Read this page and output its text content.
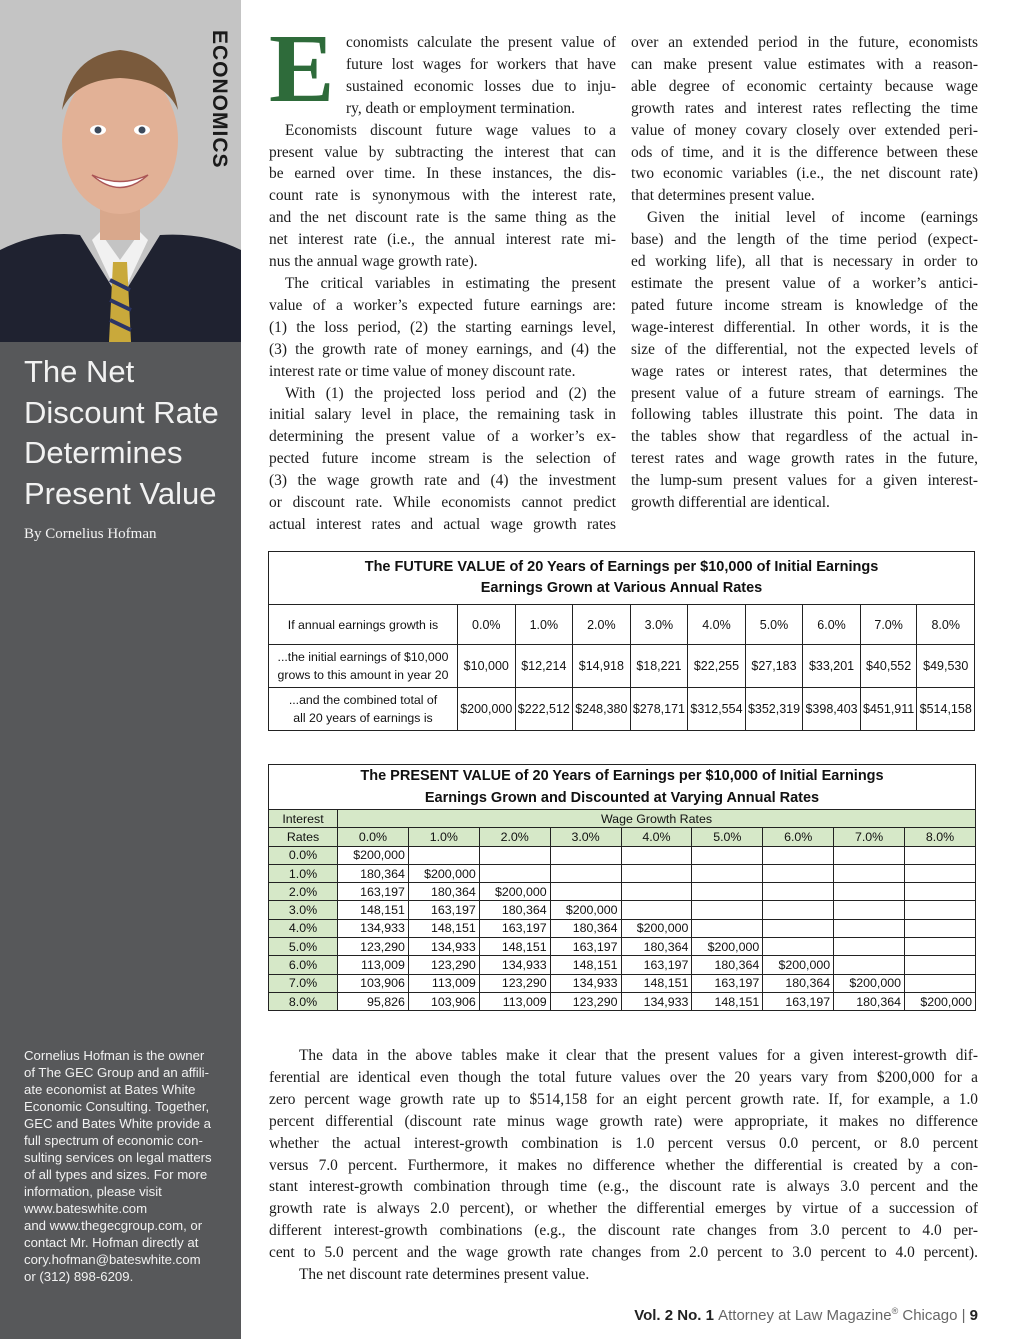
ECONOMICS
The Net
Discount Rate
Determines
Present Value
By Cornelius Hofman
Cornelius Hofman is the owner
of The GEC Group and an affili-
ate economist at Bates White
Economic Consulting. Together,
GEC and Bates White provide a
full spectrum of economic con-
sulting services on legal matters
of all types and sizes. For more
information, please visit
www.bateswhite.com
and www.thegecgroup.com, or
contact Mr. Hofman directly at
cory.hofman@bateswhite.com
or (312) 898-6209.
E conomists calculate the present value of
future lost wages for workers that have
sustained economic losses due to inju-
ry, death or employment termination.
Economists discount future wage values to a
present value by subtracting the interest that can
be earned over time. In these instances, the dis-
count rate is synonymous with the interest rate,
and the net discount rate is the same thing as the
net interest rate (i.e., the annual interest rate mi-
nus the annual wage growth rate).
The critical variables in estimating the present
value of a worker’s expected future earnings are:
(1) the loss period, (2) the starting earnings level,
(3) the growth rate of money earnings, and (4) the
interest rate or time value of money discount rate.
With (1) the projected loss period and (2) the
initial salary level in place, the remaining task in
determining the present value of a worker’s ex-
pected future income stream is the selection of
(3) the wage growth rate and (4) the investment
or discount rate. While economists cannot predict
actual interest rates and actual wage growth rates
over an extended period in the future, economists
can make present value estimates with a reason-
able degree of economic certainty because wage
growth rates and interest rates reflecting the time
value of money covary closely over extended peri-
ods of time, and it is the difference between these
two economic variables (i.e., the net discount rate)
that determines present value.
Given the initial level of income (earnings
base) and the length of the time period (expect-
ed working life), all that is necessary in order to
estimate the present value of a worker’s antici-
pated future income stream is knowledge of the
wage-interest differential. In other words, it is the
size of the differential, not the expected levels of
wage rates or interest rates, that determines the
present value of a future stream of earnings. The
following tables illustrate this point. The data in
the tables show that regardless of the actual in-
terest rates and wage growth rates in the future,
the lump-sum present values for a given interest-
growth differential are identical.
The FUTURE VALUE of 20 Years of Earnings per $10,000 of Initial Earnings
Earnings Grown at Various Annual Rates									

If annual earnings growth is	0.0%	1.0%	2.0%	3.0%	4.0%	5.0%	6.0%	7.0%	8.0%

...the initial earnings of $10,000
grows to this amount in year 20	$10,000	$12,214	$14,918	$18,221	$22,255	$27,183	$33,201	$40,552	$49,530

...and the combined total of
all 20 years of earnings is	$200,000	$222,512	$248,380	$278,171	$312,554	$352,319	$398,403	$451,911	$514,158
The PRESENT VALUE of 20 Years of Earnings per $10,000 of Initial Earnings
Earnings Grown and Discounted at Varying Annual Rates									

Interest	Wage Growth Rates								
Rates	0.0%	1.0%	2.0%	3.0%	4.0%	5.0%	6.0%	7.0%	8.0%
0.0%	$200,000								
1.0%	180,364	$200,000							
2.0%	163,197	180,364	$200,000						
3.0%	148,151	163,197	180,364	$200,000					
4.0%	134,933	148,151	163,197	180,364	$200,000				
5.0%	123,290	134,933	148,151	163,197	180,364	$200,000			
6.0%	113,009	123,290	134,933	148,151	163,197	180,364	$200,000		
7.0%	103,906	113,009	123,290	134,933	148,151	163,197	180,364	$200,000	
8.0%	95,826	103,906	113,009	123,290	134,933	148,151	163,197	180,364	$200,000
The data in the above tables make it clear that the present values for a given interest-growth dif-
ferential are identical even though the total future values over the 20 years vary from $200,000 for a
zero percent wage growth rate up to $514,158 for an eight percent growth rate. If, for example, a 1.0
percent differential (discount rate minus wage growth rate) were appropriate, it makes no difference
whether the actual interest-growth combination is 1.0 percent versus 0.0 percent, or 8.0 percent
versus 7.0 percent. Furthermore, it makes no difference whether the differential is created by a con-
stant interest-growth combination through time (e.g., the discount rate is always 3.0 percent and the
growth rate is always 2.0 percent), or whether the differential emerges by virtue of a succession of
different interest-growth combinations (e.g., the discount rate changes from 3.0 percent to 4.0 per-
cent to 5.0 percent and the wage growth rate changes from 2.0 percent to 3.0 percent to 4.0 percent).
The net discount rate determines present value.
Vol. 2 No. 1 Attorney at Law Magazine® Chicago | 9
